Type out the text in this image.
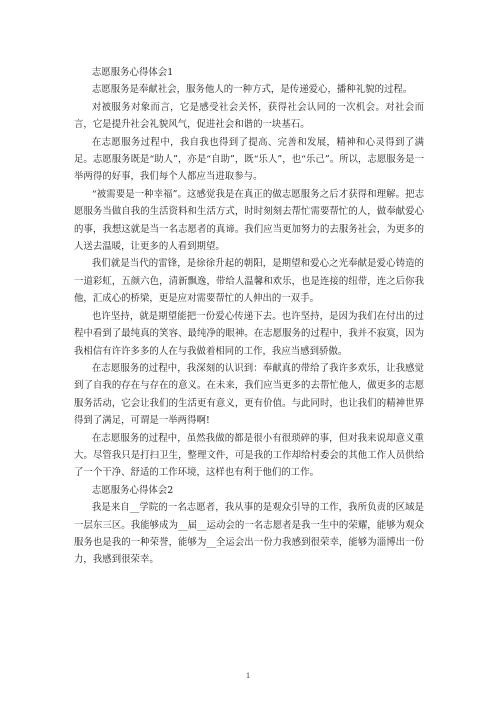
志愿服务心得体会1

志愿服务是奉献社会，服务他人的一种方式，是传递爱心，播种礼貌的过程。

对被服务对象而言，它是感受社会关怀，获得社会认同的一次机会。对社会而言，它是提升社会礼貌风气，促进社会和谐的一块基石。

在志愿服务过程中，我自我也得到了提高、完善和发展，精神和心灵得到了满足。志愿服务既是“助人”，亦是“自助”，既“乐人”，也“乐己”。所以，志愿服务是一举两得的好事，我们每个人都应当进取参与。

“被需要是一种幸福”。这感觉我是在真正的做志愿服务之后才获得和理解。把志愿服务当做自我的生活资料和生活方式，时时刻刻去帮忙需要帮忙的人，做奉献爱心的事，我想这就是当一名志愿者的真谛。我们应当更加努力的去服务社会，为更多的人送去温暖，让更多的人看到期望。

我们就是当代的雷锋，是徐徐升起的朝阳，是期望和爱心之光奉献是爱心铸造的一道彩虹，五颜六色，清新飘逸，带给人温馨和欢乐，也是连接的纽带，连之后你我他，汇成心的桥梁，更是应对需要帮忙的人伸出的一双手。

也许坚持，就是期望能把一份爱心传递下去。也许坚持，是因为我们在付出的过程中看到了最纯真的笑容、最纯净的眼神。在志愿服务的过程中，我并不寂寞，因为我相信有许许多多的人在与我做着相同的工作，我应当感到骄傲。

在志愿服务的过程中，我深刻的认识到：奉献真的带给了我许多欢乐，让我感觉到了自我的存在与存在的意义。在未来，我们应当更多的去帮忙他人，做更多的志愿服务活动，它会让我们的生活更有意义，更有价值。与此同时，也让我们的精神世界得到了满足，可谓是一举两得啊!

在志愿服务的过程中，虽然我做的都是很小有很琐碎的事，但对我来说却意义重大。尽管我只是打扫卫生，整理文件，可是我的工作却给村委会的其他工作人员供给了一个干净、舒适的工作环境，这样也有利于他们的工作。

志愿服务心得体会2

我是来自__学院的一名志愿者，我从事的是观众引导的工作，我所负责的区域是一层东三区。我能够成为__届__运动会的一名志愿者是我一生中的荣耀，能够为观众服务也是我的一种荣誉，能够为__全运会出一份力我感到很荣幸，能够为淄博出一份力，我感到很荣幸。

1
